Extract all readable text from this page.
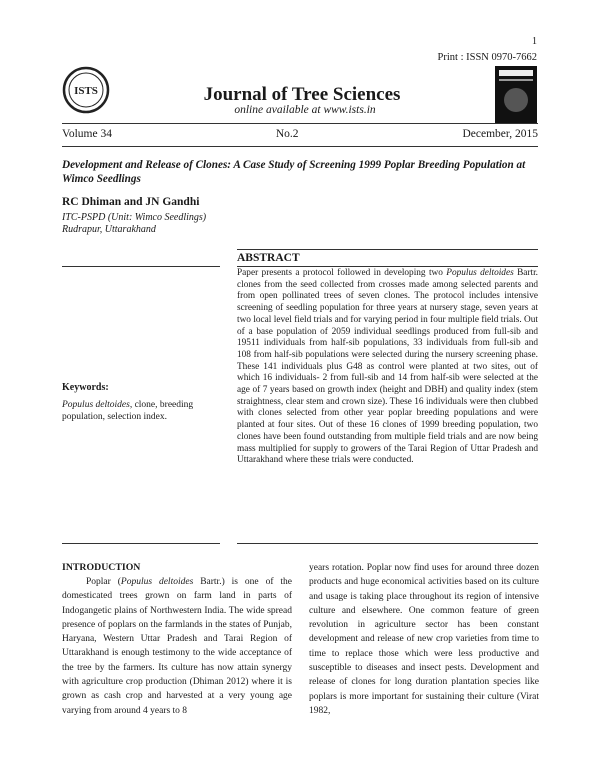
1
Print : ISSN 0970-7662
ISTS	Journal of Tree Sciences
online available at www.ists.in
Volume 34	No.2	December, 2015
Development and Release of Clones: A Case Study of Screening 1999 Poplar Breeding Population at Wimco Seedlings
RC Dhiman and JN Gandhi
ITC-PSPD (Unit: Wimco Seedlings)
Rudrapur, Uttarakhand
ABSTRACT
Paper presents a protocol followed in developing two Populus deltoides Bartr. clones from the seed collected from crosses made among selected parents and from open pollinated trees of seven clones. The protocol includes intensive screening of seedling population for three years at nursery stage, seven years at two local level field trials and for varying period in four multiple field trials. Out of a base population of 2059 individual seedlings produced from full-sib and 19511 individuals from half-sib populations, 33 individuals from full-sib and 108 from half-sib populations were selected during the nursery screening phase. These 141 individuals plus G48 as control were planted at two sites, out of which 16 individuals- 2 from full-sib and 14 from half-sib were selected at the age of 7 years based on growth index (height and DBH) and quality index (stem straightness, clear stem and crown size). These 16 individuals were then clubbed with clones selected from other year poplar breeding populations and were planted at four sites. Out of these 16 clones of 1999 breeding population, two clones have been found outstanding from multiple field trials and are now being mass multiplied for supply to growers of the Tarai Region of Uttar Pradesh and Uttarakhand where these trials were conducted.
Keywords:
Populus deltoides, clone, breeding population, selection index.
INTRODUCTION

Poplar (Populus deltoides Bartr.) is one of the domesticated trees grown on farm land in parts of Indogangetic plains of Northwestern India. The wide spread presence of poplars on the farmlands in the states of Punjab, Haryana, Western Uttar Pradesh and Tarai Region of Uttarakhand is enough testimony to the wide acceptance of the tree by the farmers. Its culture has now attain synergy with agriculture crop production (Dhiman 2012) where it is grown as cash crop and harvested at a very young age varying from around 4 years to 8

years rotation. Poplar now find uses for around three dozen products and huge economical activities based on its culture and usage is taking place throughout its region of intensive culture and elsewhere. One common feature of green revolution in agriculture sector has been constant development and release of new crop varieties from time to time to replace those which were less productive and susceptible to diseases and insect pests. Development and release of clones for long duration plantation species like poplars is more important for sustaining their culture (Virat 1982,
